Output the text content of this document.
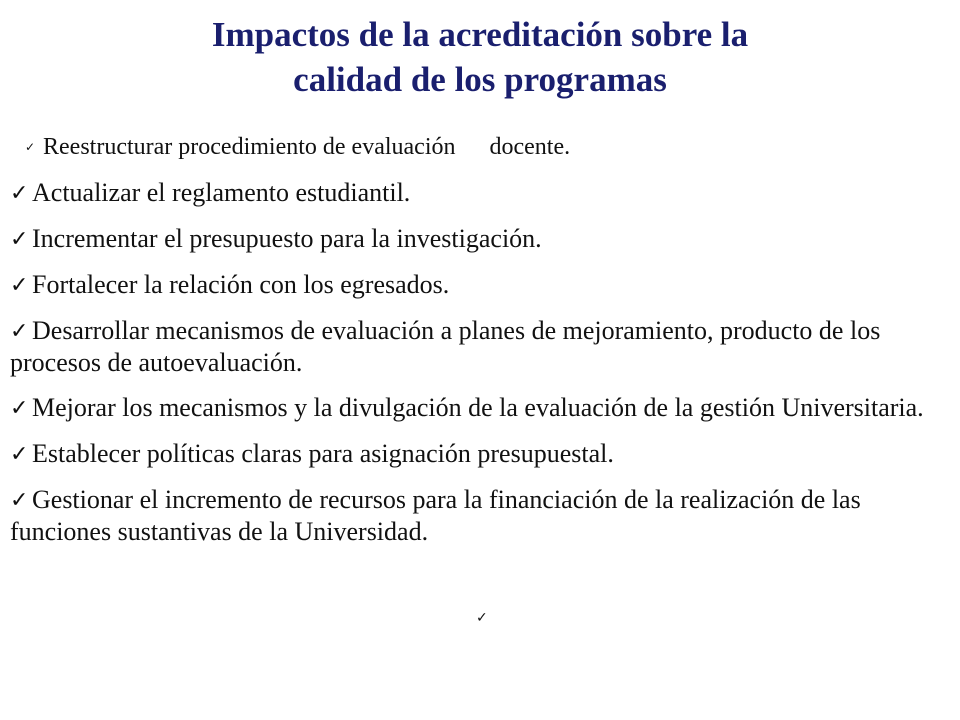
Impactos de la acreditación sobre la
calidad de los programas
✓ Reestructurar procedimiento de evaluación docente.
✓ Actualizar el reglamento estudiantil.
✓ Incrementar el presupuesto para la investigación.
✓ Fortalecer la relación con los egresados.
✓ Desarrollar mecanismos de evaluación a planes de mejoramiento, producto de losprocesos de autoevaluación.
✓ Mejorar los mecanismos y la divulgación de la evaluación de la gestión Universitaria.
✓ Establecer políticas claras para asignación presupuestal.
✓ Gestionar el incremento de recursos para la financiación de la realización de las funciones sustantivas de la Universidad.
✓
